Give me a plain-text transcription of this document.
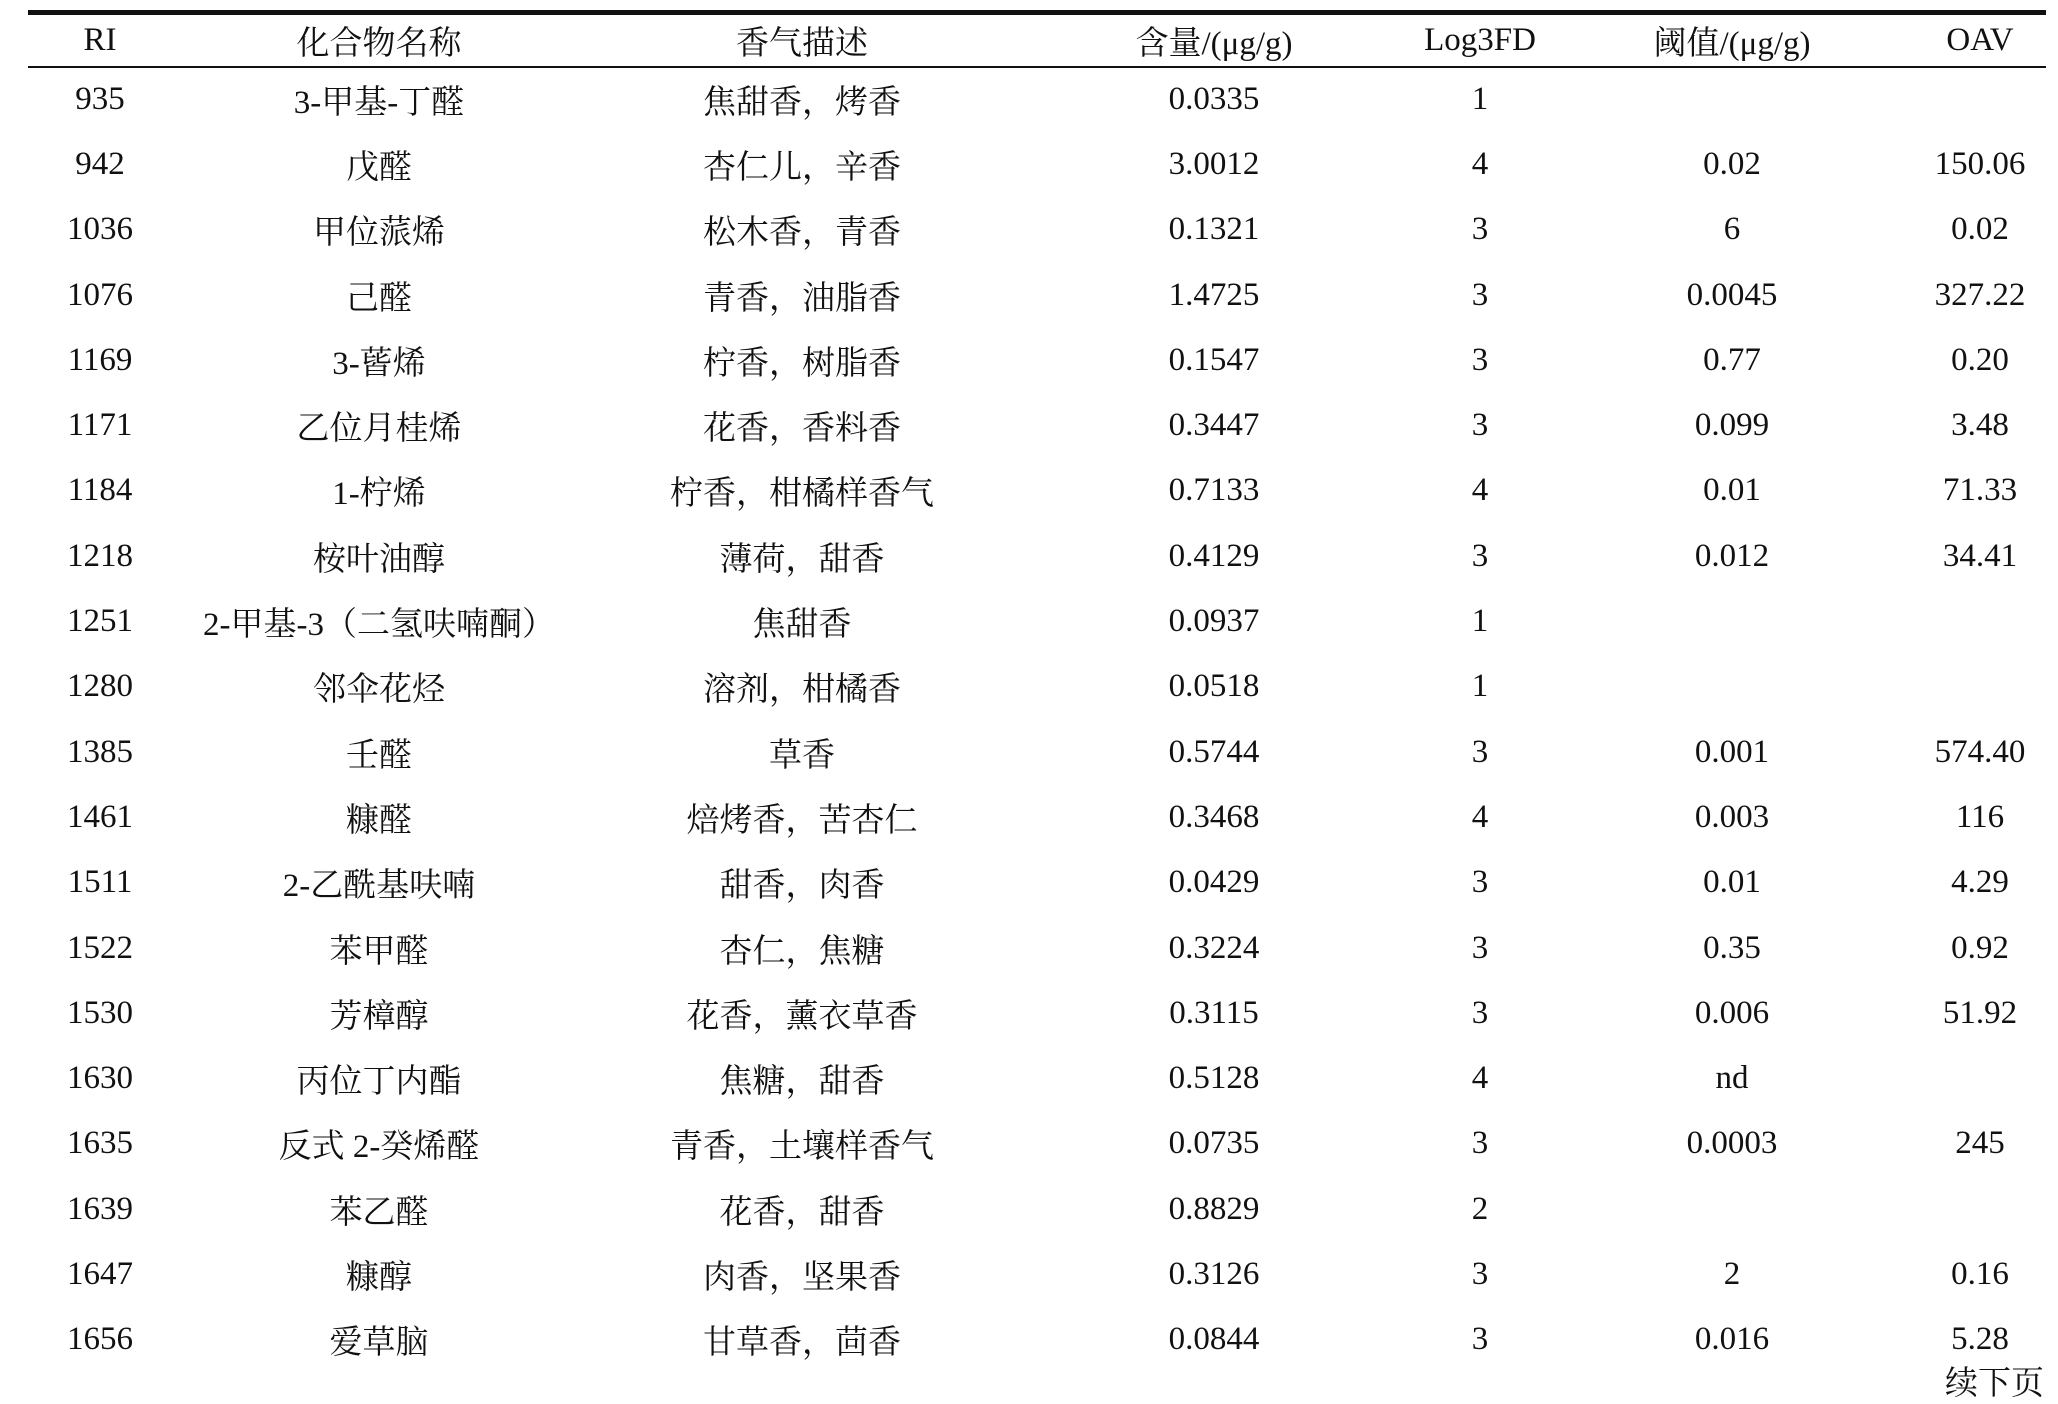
RI	化合物名称	香气描述	含量/(μg/g)	Log3FD	阈值/(μg/g)	OAV
935	3-甲基-丁醛	焦甜香，烤香	0.0335	1		
942	戊醛	杏仁儿，辛香	3.0012	4	0.02	150.06
1036	甲位蒎烯	松木香，青香	0.1321	3	6	0.02
1076	己醛	青香，油脂香	1.4725	3	0.0045	327.22
1169	3-蒈烯	柠香，树脂香	0.1547	3	0.77	0.20
1171	乙位月桂烯	花香，香料香	0.3447	3	0.099	3.48
1184	1-柠烯	柠香，柑橘样香气	0.7133	4	0.01	71.33
1218	桉叶油醇	薄荷，甜香	0.4129	3	0.012	34.41
1251	2-甲基-3（二氢呋喃酮）	焦甜香	0.0937	1		
1280	邻伞花烃	溶剂，柑橘香	0.0518	1		
1385	壬醛	草香	0.5744	3	0.001	574.40
1461	糠醛	焙烤香，苦杏仁	0.3468	4	0.003	116
1511	2-乙酰基呋喃	甜香，肉香	0.0429	3	0.01	4.29
1522	苯甲醛	杏仁，焦糖	0.3224	3	0.35	0.92
1530	芳樟醇	花香，薰衣草香	0.3115	3	0.006	51.92
1630	丙位丁内酯	焦糖，甜香	0.5128	4	nd	
1635	反式 2-癸烯醛	青香，土壤样香气	0.0735	3	0.0003	245
1639	苯乙醛	花香，甜香	0.8829	2		
1647	糠醇	肉香，坚果香	0.3126	3	2	0.16
1656	爱草脑	甘草香，茴香	0.0844	3	0.016	5.28
续下页
